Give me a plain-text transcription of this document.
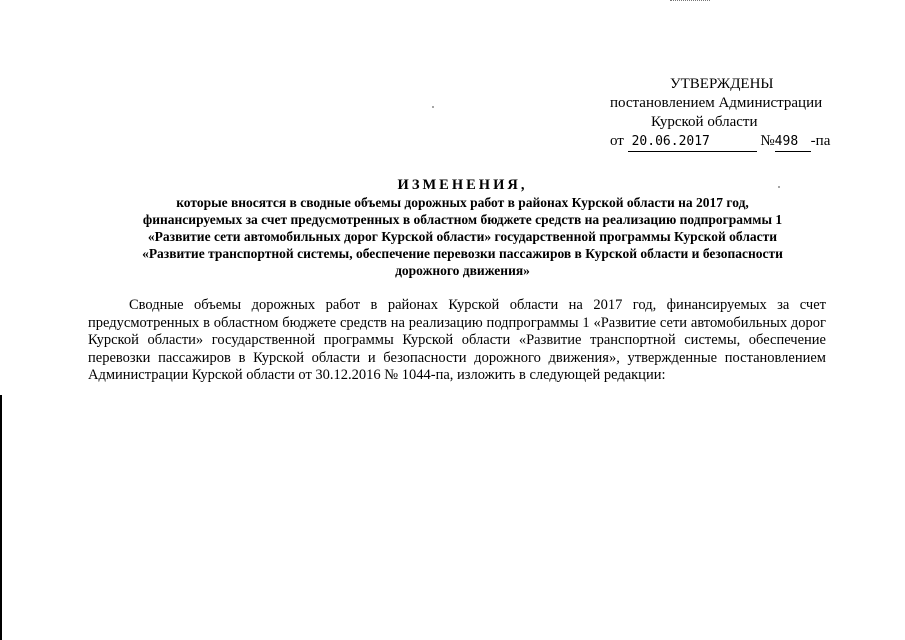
УТВЕРЖДЕНЫ
постановлением Администрации
Курской области
от 20.06.2017	№498 -па
ИЗМЕНЕНИЯ,
которые вносятся в сводные объемы дорожных работ в районах Курской области на 2017 год,
финансируемых за счет предусмотренных в областном бюджете средств на реализацию подпрограммы 1
«Развитие сети автомобильных дорог Курской области» государственной программы Курской области
«Развитие транспортной системы, обеспечение перевозки пассажиров в Курской области и безопасности
дорожного движения»

Сводные объемы дорожных работ в районах Курской области на 2017 год, финансируемых за счет предусмотренных в областном бюджете средств на реализацию подпрограммы 1 «Развитие сети автомобильных дорог Курской области» государственной программы Курской области «Развитие транспортной системы, обеспечение перевозки пассажиров в Курской области и безопасности дорожного движения», утвержденные постановлением Администрации Курской области от 30.12.2016 № 1044-па, изложить в следующей редакции:
